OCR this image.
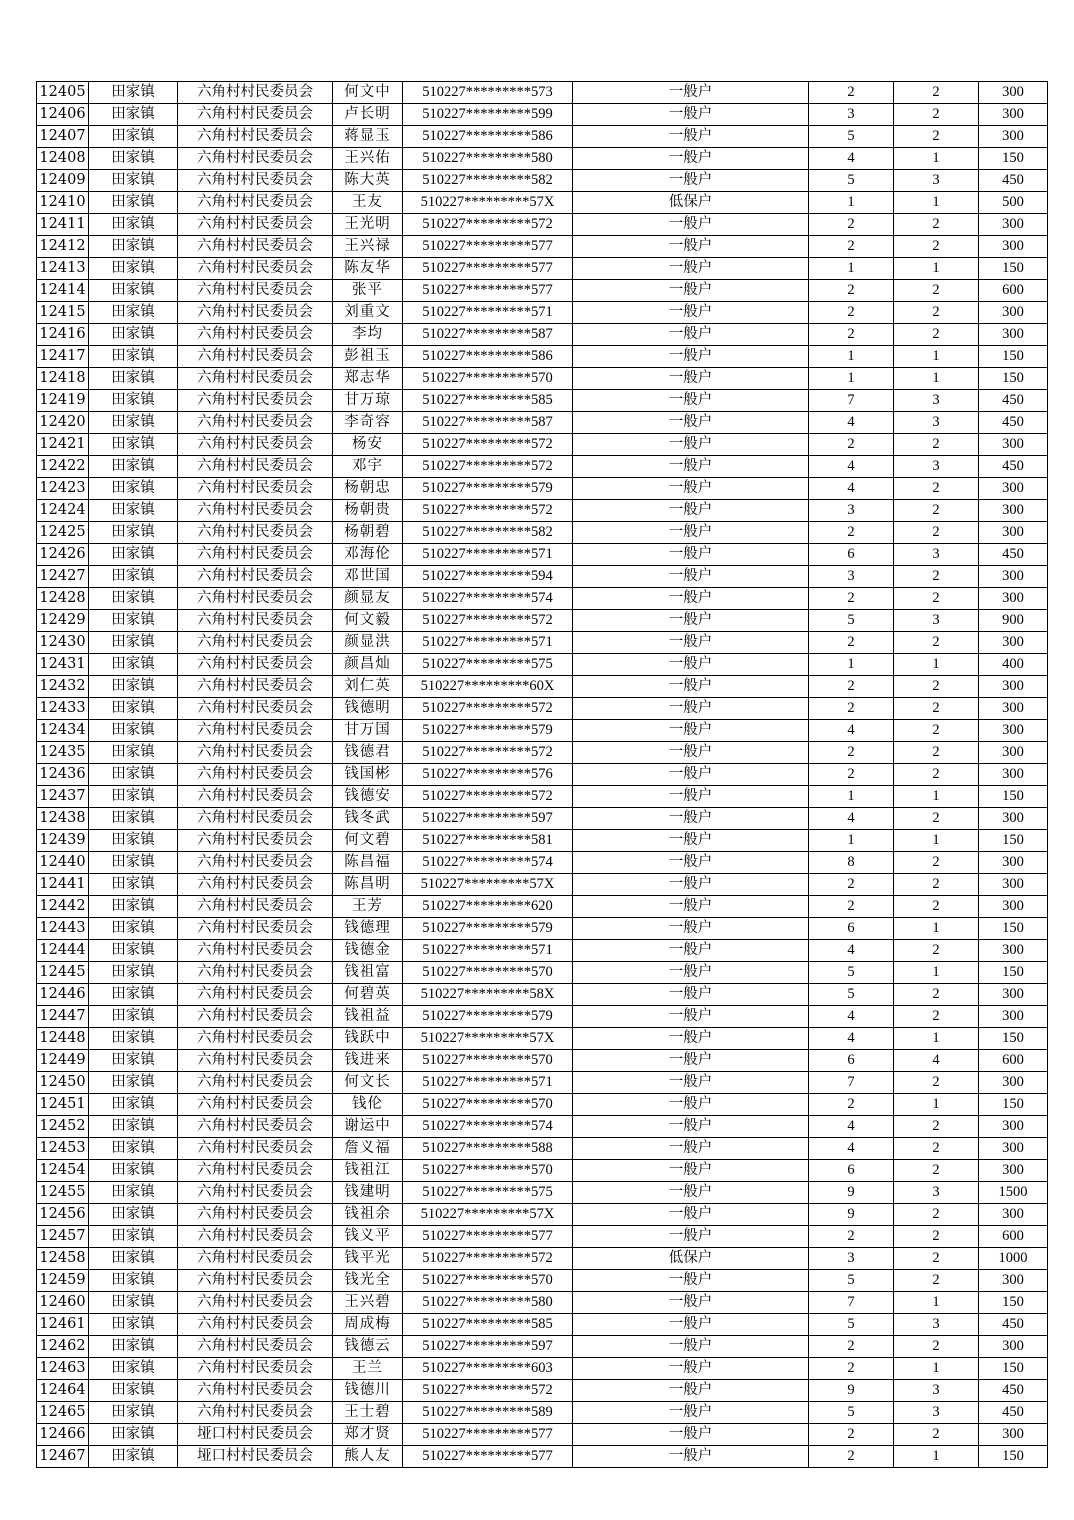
12405	田家镇	六角村村民委员会	何文中	510227*********573	一般户	2	2	300
12406	田家镇	六角村村民委员会	卢长明	510227*********599	一般户	3	2	300
12407	田家镇	六角村村民委员会	蒋显玉	510227*********586	一般户	5	2	300
12408	田家镇	六角村村民委员会	王兴佑	510227*********580	一般户	4	1	150
12409	田家镇	六角村村民委员会	陈大英	510227*********582	一般户	5	3	450
12410	田家镇	六角村村民委员会	王友	510227*********57X	低保户	1	1	500
12411	田家镇	六角村村民委员会	王光明	510227*********572	一般户	2	2	300
12412	田家镇	六角村村民委员会	王兴禄	510227*********577	一般户	2	2	300
12413	田家镇	六角村村民委员会	陈友华	510227*********577	一般户	1	1	150
12414	田家镇	六角村村民委员会	张平	510227*********577	一般户	2	2	600
12415	田家镇	六角村村民委员会	刘重文	510227*********571	一般户	2	2	300
12416	田家镇	六角村村民委员会	李均	510227*********587	一般户	2	2	300
12417	田家镇	六角村村民委员会	彭祖玉	510227*********586	一般户	1	1	150
12418	田家镇	六角村村民委员会	郑志华	510227*********570	一般户	1	1	150
12419	田家镇	六角村村民委员会	甘万琼	510227*********585	一般户	7	3	450
12420	田家镇	六角村村民委员会	李奇容	510227*********587	一般户	4	3	450
12421	田家镇	六角村村民委员会	杨安	510227*********572	一般户	2	2	300
12422	田家镇	六角村村民委员会	邓宇	510227*********572	一般户	4	3	450
12423	田家镇	六角村村民委员会	杨朝忠	510227*********579	一般户	4	2	300
12424	田家镇	六角村村民委员会	杨朝贵	510227*********572	一般户	3	2	300
12425	田家镇	六角村村民委员会	杨朝碧	510227*********582	一般户	2	2	300
12426	田家镇	六角村村民委员会	邓海伦	510227*********571	一般户	6	3	450
12427	田家镇	六角村村民委员会	邓世国	510227*********594	一般户	3	2	300
12428	田家镇	六角村村民委员会	颜显友	510227*********574	一般户	2	2	300
12429	田家镇	六角村村民委员会	何文毅	510227*********572	一般户	5	3	900
12430	田家镇	六角村村民委员会	颜显洪	510227*********571	一般户	2	2	300
12431	田家镇	六角村村民委员会	颜昌灿	510227*********575	一般户	1	1	400
12432	田家镇	六角村村民委员会	刘仁英	510227*********60X	一般户	2	2	300
12433	田家镇	六角村村民委员会	钱德明	510227*********572	一般户	2	2	300
12434	田家镇	六角村村民委员会	甘万国	510227*********579	一般户	4	2	300
12435	田家镇	六角村村民委员会	钱德君	510227*********572	一般户	2	2	300
12436	田家镇	六角村村民委员会	钱国彬	510227*********576	一般户	2	2	300
12437	田家镇	六角村村民委员会	钱德安	510227*********572	一般户	1	1	150
12438	田家镇	六角村村民委员会	钱冬武	510227*********597	一般户	4	2	300
12439	田家镇	六角村村民委员会	何文碧	510227*********581	一般户	1	1	150
12440	田家镇	六角村村民委员会	陈昌福	510227*********574	一般户	8	2	300
12441	田家镇	六角村村民委员会	陈昌明	510227*********57X	一般户	2	2	300
12442	田家镇	六角村村民委员会	王芳	510227*********620	一般户	2	2	300
12443	田家镇	六角村村民委员会	钱德理	510227*********579	一般户	6	1	150
12444	田家镇	六角村村民委员会	钱德金	510227*********571	一般户	4	2	300
12445	田家镇	六角村村民委员会	钱祖富	510227*********570	一般户	5	1	150
12446	田家镇	六角村村民委员会	何碧英	510227*********58X	一般户	5	2	300
12447	田家镇	六角村村民委员会	钱祖益	510227*********579	一般户	4	2	300
12448	田家镇	六角村村民委员会	钱跃中	510227*********57X	一般户	4	1	150
12449	田家镇	六角村村民委员会	钱进来	510227*********570	一般户	6	4	600
12450	田家镇	六角村村民委员会	何文长	510227*********571	一般户	7	2	300
12451	田家镇	六角村村民委员会	钱伦	510227*********570	一般户	2	1	150
12452	田家镇	六角村村民委员会	谢运中	510227*********574	一般户	4	2	300
12453	田家镇	六角村村民委员会	詹义福	510227*********588	一般户	4	2	300
12454	田家镇	六角村村民委员会	钱祖江	510227*********570	一般户	6	2	300
12455	田家镇	六角村村民委员会	钱建明	510227*********575	一般户	9	3	1500
12456	田家镇	六角村村民委员会	钱祖余	510227*********57X	一般户	9	2	300
12457	田家镇	六角村村民委员会	钱义平	510227*********577	一般户	2	2	600
12458	田家镇	六角村村民委员会	钱平光	510227*********572	低保户	3	2	1000
12459	田家镇	六角村村民委员会	钱光全	510227*********570	一般户	5	2	300
12460	田家镇	六角村村民委员会	王兴碧	510227*********580	一般户	7	1	150
12461	田家镇	六角村村民委员会	周成梅	510227*********585	一般户	5	3	450
12462	田家镇	六角村村民委员会	钱德云	510227*********597	一般户	2	2	300
12463	田家镇	六角村村民委员会	王兰	510227*********603	一般户	2	1	150
12464	田家镇	六角村村民委员会	钱德川	510227*********572	一般户	9	3	450
12465	田家镇	六角村村民委员会	王士碧	510227*********589	一般户	5	3	450
12466	田家镇	垭口村村民委员会	郑才贤	510227*********577	一般户	2	2	300
12467	田家镇	垭口村村民委员会	熊人友	510227*********577	一般户	2	1	150
